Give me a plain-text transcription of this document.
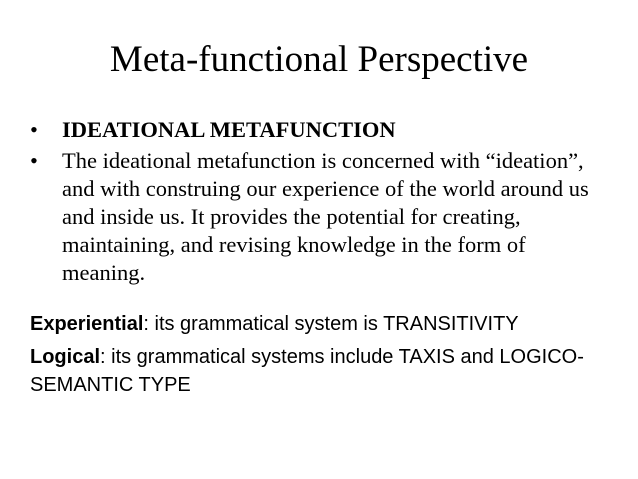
Meta-functional Perspective
• IDEATIONAL METAFUNCTION
• The ideational metafunction is concerned with “ideation”, and with construing our experience of the world around us and inside us. It provides the potential for creating, maintaining, and revising knowledge in the form of meaning.

Experiential: its grammatical system is TRANSITIVITY

Logical: its grammatical systems include TAXIS and LOGICO-SEMANTIC TYPE
